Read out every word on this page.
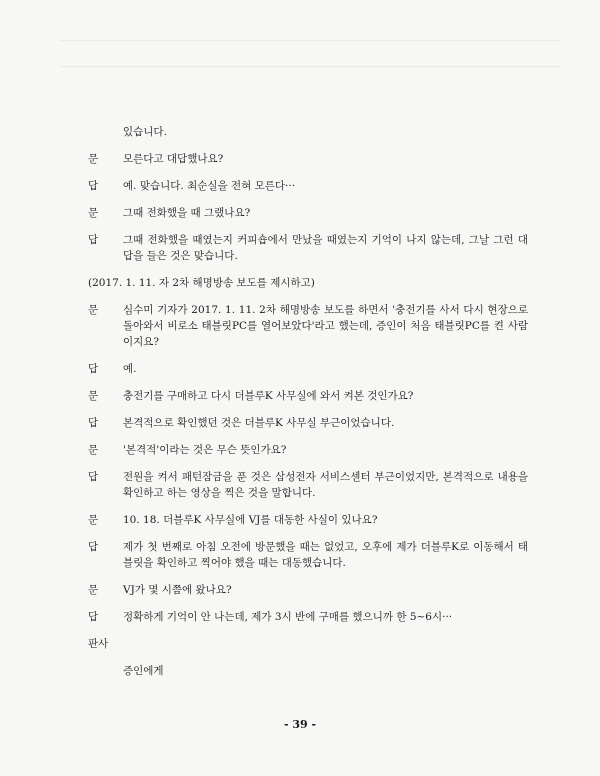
있습니다.
문	모른다고 대답했나요?
답	예. 맞습니다. 최순실을 전혀 모른다···
문	그때 전화했을 때 그랬나요?
답	그때 전화했을 때였는지 커피숍에서 만났을 때였는지 기억이 나지 않는데, 그날 그런 대답을 들은 것은 맞습니다.
(2017. 1. 11. 자 2차 해명방송 보도를 제시하고)
문	심수미 기자가 2017. 1. 11. 2차 해명방송 보도를 하면서 '충전기를 사서 다시 현장으로 돌아와서 비로소 태블릿PC를 열어보았다'라고 했는데, 증인이 처음 태블릿PC를 켠 사람이지요?
답	예.
문	충전기를 구매하고 다시 더블루K 사무실에 와서 켜본 것인가요?
답	본격적으로 확인했던 것은 더블루K 사무실 부근이었습니다.
문	'본격적'이라는 것은 무슨 뜻인가요?
답	전원을 켜서 패턴잠금을 푼 것은 삼성전자 서비스센터 부근이었지만, 본격적으로 내용을 확인하고 하는 영상을 찍은 것을 말합니다.
문	10. 18. 더블루K 사무실에 VJ를 대동한 사실이 있나요?
답	제가 첫 번째로 아침 오전에 방문했을 때는 없었고, 오후에 제가 더블루K로 이동해서 태블릿을 확인하고 찍어야 했을 때는 대동했습니다.
문	VJ가 몇 시쯤에 왔나요?
답	정확하게 기억이 안 나는데, 제가 3시 반에 구매를 했으니까 한 5~6시···
판사
증인에게
- 39 -
